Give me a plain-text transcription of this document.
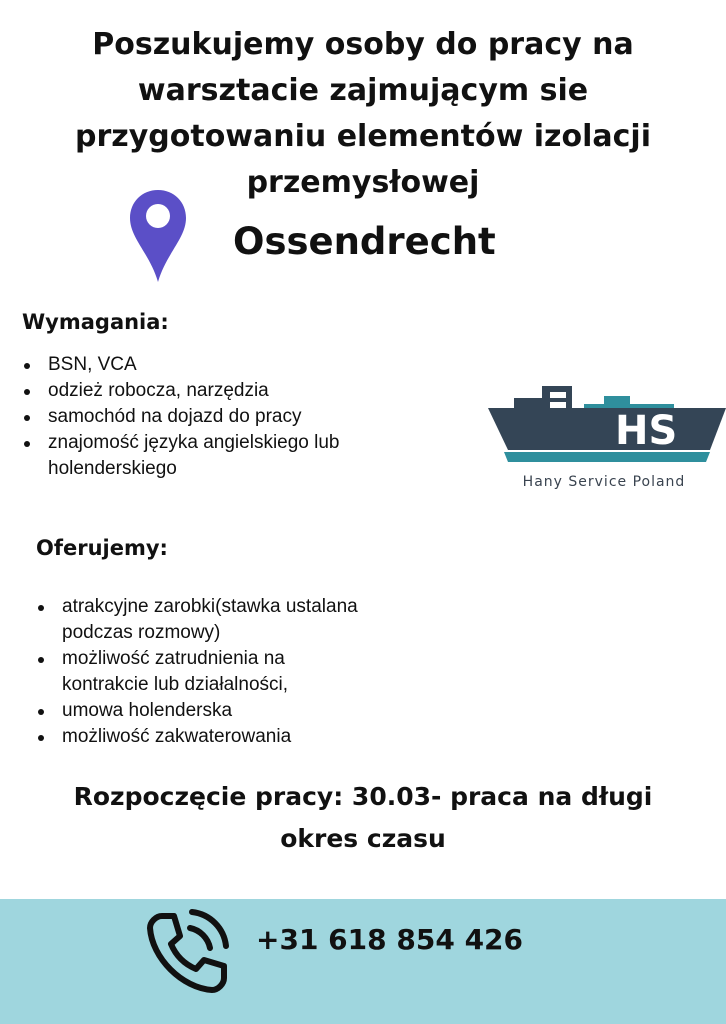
Poszukujemy osoby do pracy na
warsztacie zajmującym sie
przygotowaniu elementów izolacji
przemysłowej
Ossendrecht
Wymagania:
BSN, VCA
odzież robocza, narzędzia
samochód na dojazd do pracy
znajomość języka angielskiego lub holenderskiego
HS
Hany Service Poland
Oferujemy:
atrakcyjne zarobki(stawka ustalana podczas rozmowy)
możliwość zatrudnienia na kontrakcie lub działalności,
umowa holenderska
możliwość zakwaterowania
Rozpoczęcie pracy: 30.03- praca na długi
okres czasu
+31 618 854 426
